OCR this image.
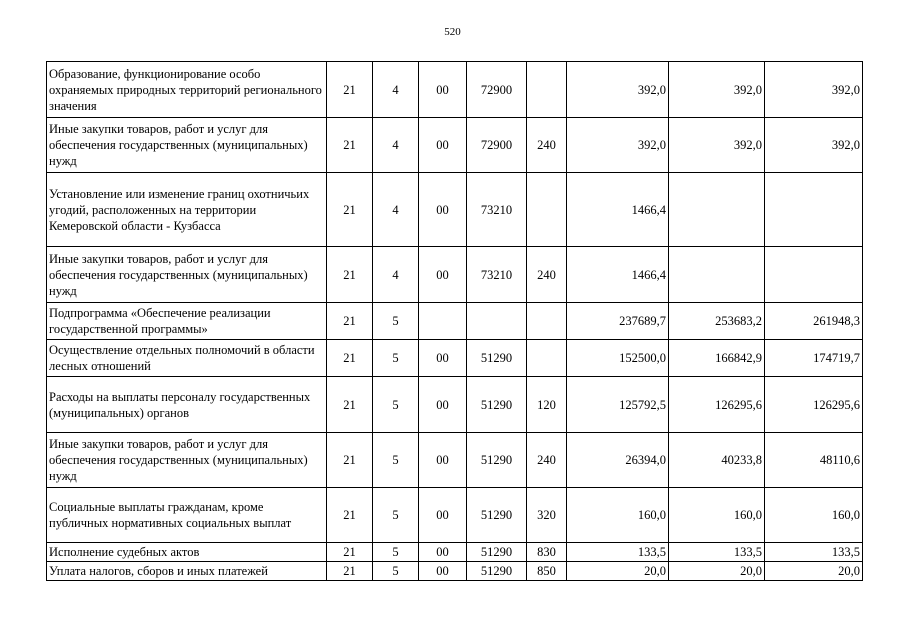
520
Образование, функционирование особо охраняемых природных территорий регионального значения	21	4	00	72900		392,0	392,0	392,0
Иные закупки товаров, работ и услуг для обеспечения государственных (муниципальных) нужд	21	4	00	72900	240	392,0	392,0	392,0
Установление или изменение границ охотничьих угодий, расположенных на территории Кемеровской области - Кузбасса	21	4	00	73210		1466,4		
Иные закупки товаров, работ и услуг для обеспечения государственных (муниципальных) нужд	21	4	00	73210	240	1466,4		
Подпрограмма «Обеспечение реализации государственной программы»	21	5				237689,7	253683,2	261948,3
Осуществление отдельных полномочий в области лесных отношений	21	5	00	51290		152500,0	166842,9	174719,7
Расходы на выплаты персоналу государственных (муниципальных) органов	21	5	00	51290	120	125792,5	126295,6	126295,6
Иные закупки товаров, работ и услуг для обеспечения государственных (муниципальных) нужд	21	5	00	51290	240	26394,0	40233,8	48110,6
Социальные выплаты гражданам, кроме публичных нормативных социальных выплат	21	5	00	51290	320	160,0	160,0	160,0
Исполнение судебных актов	21	5	00	51290	830	133,5	133,5	133,5
Уплата налогов, сборов и иных платежей	21	5	00	51290	850	20,0	20,0	20,0
